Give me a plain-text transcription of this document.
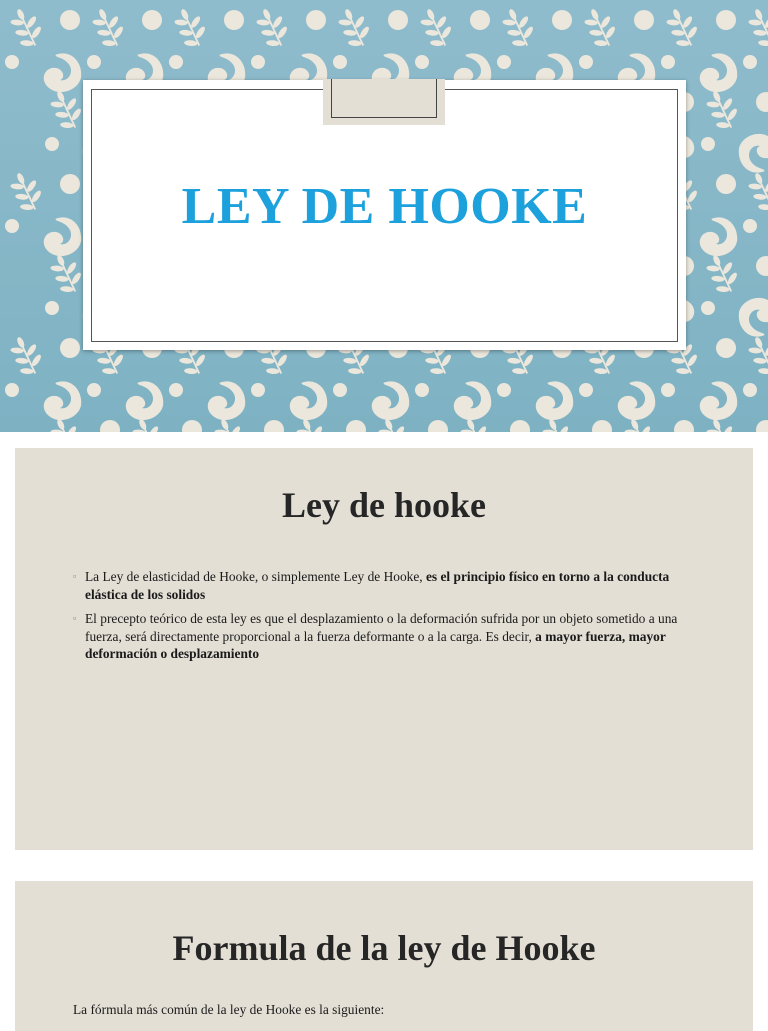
LEY DE HOOKE
Ley de hooke
▫ La Ley de elasticidad de Hooke, o simplemente Ley de Hooke, es el principio físico en torno a la conducta elástica de los solidos
▫ El precepto teórico de esta ley es que el desplazamiento o la deformación sufrida por un objeto sometido a una fuerza, será directamente proporcional a la fuerza deformante o a la carga. Es decir, a mayor fuerza, mayor deformación o desplazamiento
Formula de la ley de Hooke
La fórmula más común de la ley de Hooke es la siguiente:
